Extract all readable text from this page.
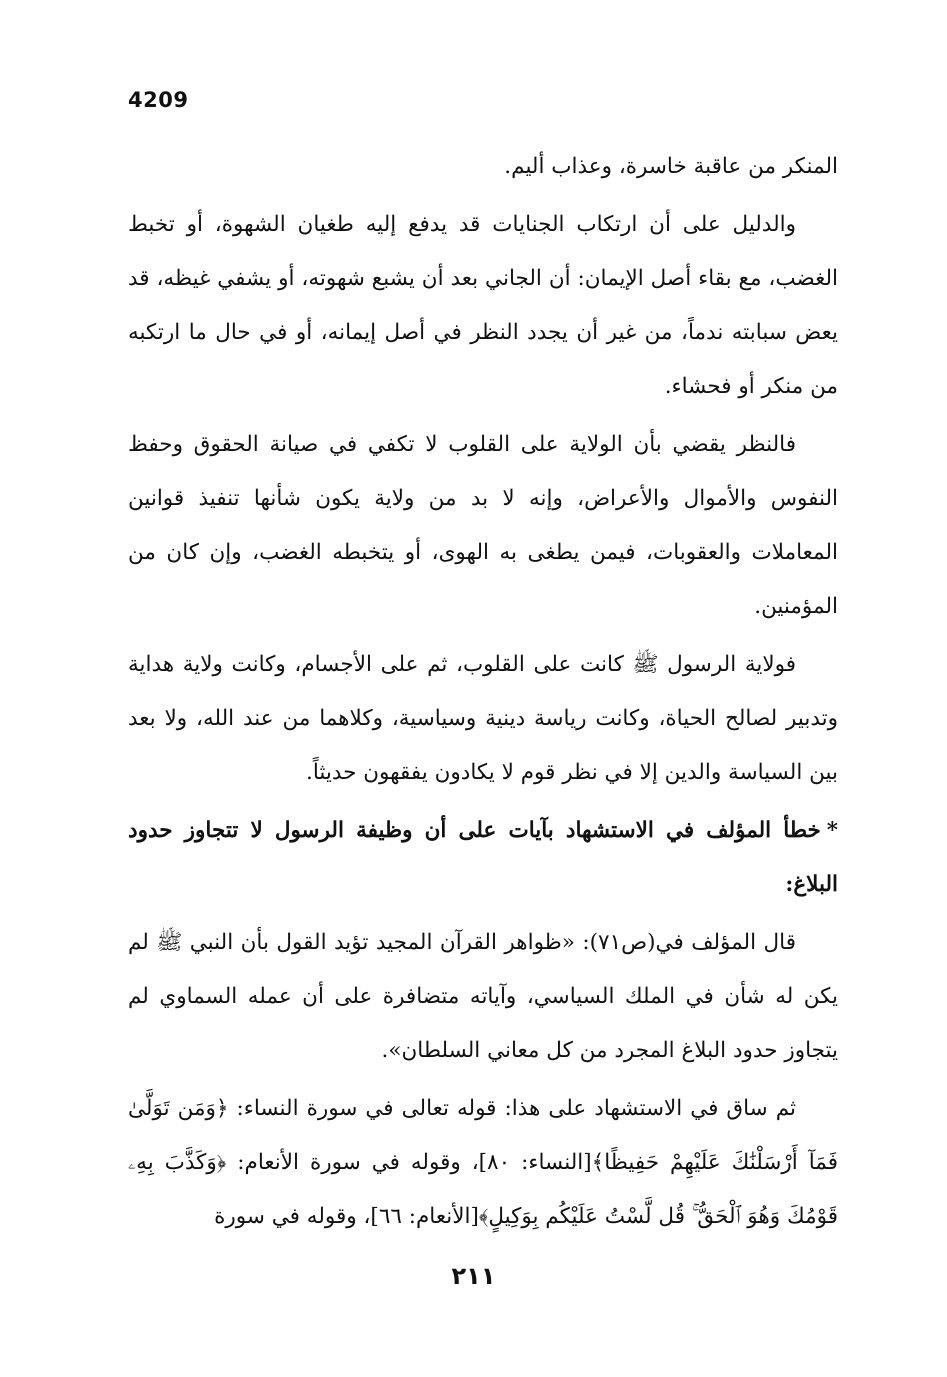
4209

المنكر من عاقبة خاسرة، وعذاب أليم.

والدليل على أن ارتكاب الجنايات قد يدفع إليه طغيان الشهوة، أو تخبط الغضب، مع بقاء أصل الإيمان: أن الجاني بعد أن يشبع شهوته، أو يشفي غيظه، قد يعض سبابته ندماً، من غير أن يجدد النظر في أصل إيمانه، أو في حال ما ارتكبه من منكر أو فحشاء.

فالنظر يقضي بأن الولاية على القلوب لا تكفي في صيانة الحقوق وحفظ النفوس والأموال والأعراض، وإنه لا بد من ولاية يكون شأنها تنفيذ قوانين المعاملات والعقوبات، فيمن يطغى به الهوى، أو يتخبطه الغضب، وإن كان من المؤمنين.

فولاية الرسول ﷺ كانت على القلوب، ثم على الأجسام، وكانت ولاية هداية وتدبير لصالح الحياة، وكانت رياسة دينية وسياسية، وكلاهما من عند الله، ولا بعد بين السياسة والدين إلا في نظر قوم لا يكادون يفقهون حديثاً.

*خطأ المؤلف في الاستشهاد بآيات على أن وظيفة الرسول لا تتجاوز حدود البلاغ:

قال المؤلف في(ص٧١): «ظواهر القرآن المجيد تؤيد القول بأن النبي ﷺ لم يكن له شأن في الملك السياسي، وآياته متضافرة على أن عمله السماوي لم يتجاوز حدود البلاغ المجرد من كل معاني السلطان».

ثم ساق في الاستشهاد على هذا: قوله تعالى في سورة النساء: ﴿وَمَن تَوَلَّىٰ فَمَآ أَرْسَلْنَٰكَ عَلَيْهِمْ حَفِيظًا﴾[النساء: ٨٠]، وقوله في سورة الأنعام: ﴿وَكَذَّبَ بِهِۦ قَوْمُكَ وَهُوَ ٱلْحَقُّ ۚ قُل لَّسْتُ عَلَيْكُم بِوَكِيلٍ﴾[الأنعام: ٦٦]، وقوله في سورة

٢١١
